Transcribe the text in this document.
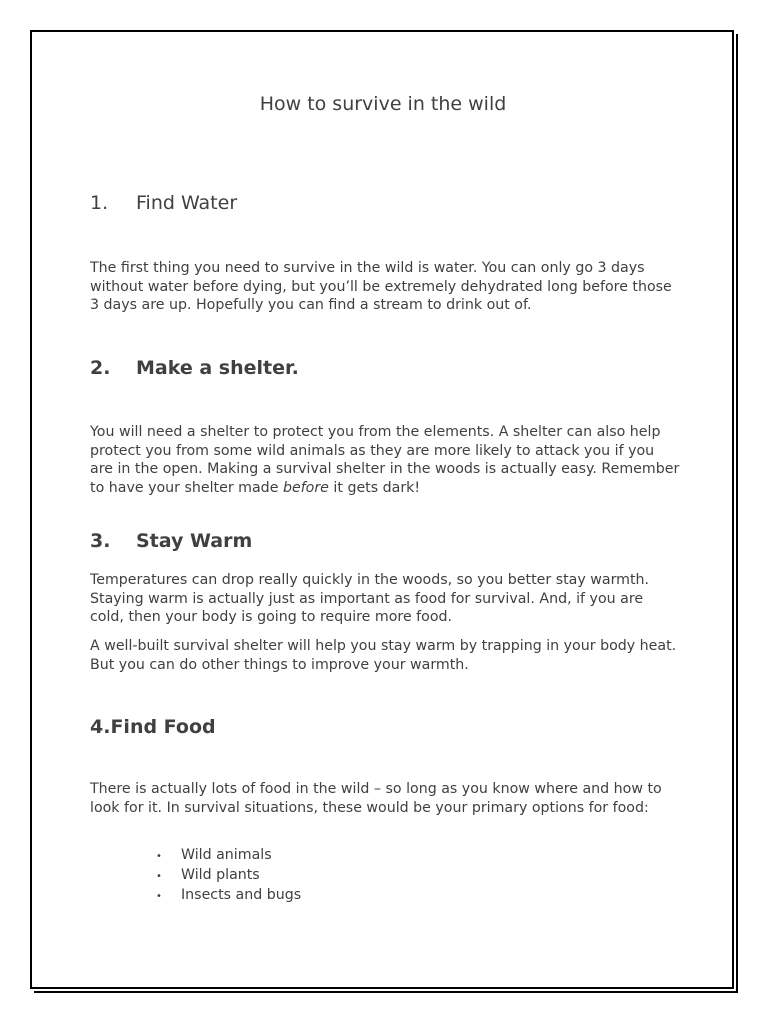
How to survive in the wild
1.	Find Water

The first thing you need to survive in the wild is water. You can only go 3 days without water before dying, but you’ll be extremely dehydrated long before those 3 days are up. Hopefully you can find a stream to drink out of.

2.	Make a shelter.

You will need a shelter to protect you from the elements. A shelter can also help protect you from some wild animals as they are more likely to attack you if you are in the open. Making a survival shelter in the woods is actually easy. Remember to have your shelter made before it gets dark!

3.	Stay Warm

Temperatures can drop really quickly in the woods, so you better stay warmth. Staying warm is actually just as important as food for survival. And, if you are cold, then your body is going to require more food.

A well-built survival shelter will help you stay warm by trapping in your body heat. But you can do other things to improve your warmth.

4. Find Food

There is actually lots of food in the wild – so long as you know where and how to look for it. In survival situations, these would be your primary options for food:

•	Wild animals
•	Wild plants
•	Insects and bugs
